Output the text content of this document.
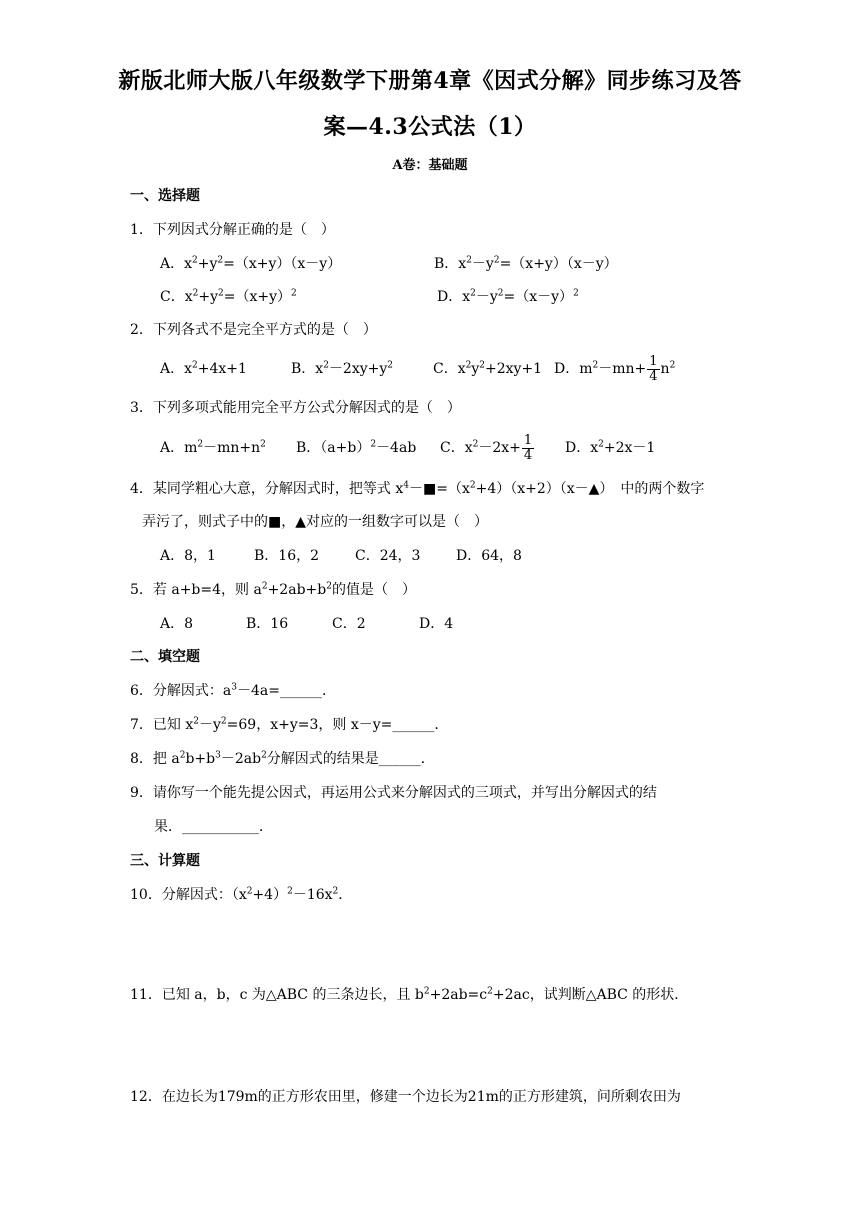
新版北师大版八年级数学下册第4章《因式分解》同步练习及答
案—4.3公式法（1）
A卷：基础题
一、选择题
1．下列因式分解正确的是（　）
A．$x^2+y^2=(x+y)(x-y)$	B．$x^2-y^2=(x+y)(x-y)$
C．$x^2+y^2=(x+y)^2$	D．$x^2-y^2=(x-y)^2$
2．下列各式不是完全平方式的是（　）
A．$x^2+4x+1$	B．$x^2-2xy+y^2$	C．$x^2y^2+2xy+1$ D．$m^2-mn+ \frac{1}{4} n^2$
3．下列多项式能用完全平方公式分解因式的是（　）
A．$m^2-mn+n^2$ B．$(a+b)^2-4ab$ C．$x^2-2x+ \frac{1}{4}$ D．$x^2+2x-1$
4．某同学粗心大意，分解因式时，把等式 $x^4-■=(x^2+4)(x+2)(x-▲)$　中的两个数字
弄污了，则式子中的■，▲对应的一组数字可以是（　）
A．8，1	B．16，2	C．24，3	D．64，8
5．若 a+b=4，则 $a^2+2ab+b^2$的值是（　）
A．8	B．16	C．2	D．4
二、填空题
6．分解因式：$a^3-4a=\_\_\_\_\_\_$．
7．已知 $x^2-y^2=69$，x+y=3，则 x－y=______．
8．把 $a^2b+b^3-2ab^2$分解因式的结果是______．
9．请你写一个能先提公因式，再运用公式来分解因式的三项式，并写出分解因式的结
果．___________．
三、计算题
10．分解因式：$(x^2+4)^2-16x^2$．
11．已知 a，b，c 为△ABC 的三条边长，且 $b^2+2ab=c^2+2ac$，试判断△ABC 的形状．
12．在边长为179m的正方形农田里，修建一个边长为21m的正方形建筑，问所剩农田为
